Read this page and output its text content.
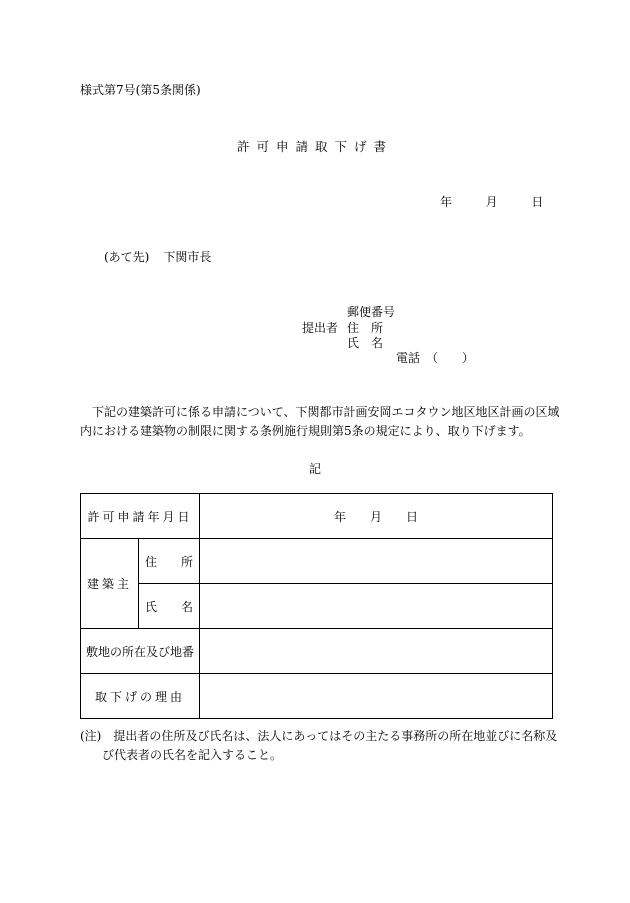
様式第7号(第5条関係)
許可申請取下げ書
年	月	日
(あて先) 下関市長
郵便番号
提出者 住　所
氏　名
電話　（　　）
下記の建築許可に係る申請について、下関都市計画安岡エコタウン地区地区計画の区域内における建築物の制限に関する条例施行規則第5条の規定により、取り下げます。
記
許可申請年月日		年　　月　　日
建築主	住　　所	
	氏　　名	
敷地の所在及び地番		
取下げの理由		
(注)　提出者の住所及び氏名は、法人にあってはその主たる事務所の所在地並びに名称及
び代表者の氏名を記入すること。
